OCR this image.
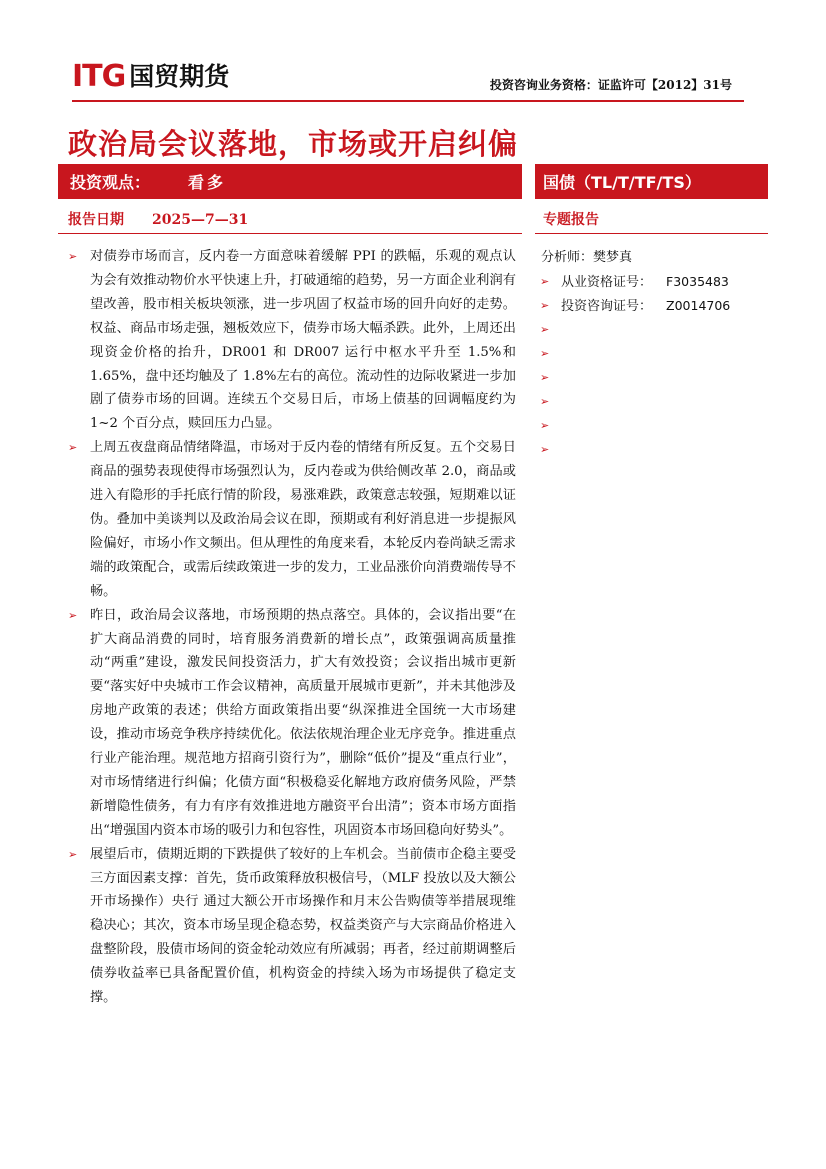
ITG 国贸期货	投资咨询业务资格：证监许可【2012】31号
政治局会议落地，市场或开启纠偏
投资观点： 看多	国债（TL/T/TF/TS）
报告日期 2025—7—31	专题报告
➢ 对债券市场而言，反内卷一方面意味着缓解 PPI 的跌幅，乐观的观点认为会有效推动物价水平快速上升，打破通缩的趋势，另一方面企业利润有望改善，股市相关板块领涨，进一步巩固了权益市场的回升向好的走势。权益、商品市场走强，翘板效应下，债券市场大幅杀跌。此外，上周还出现资金价格的抬升，DR001 和 DR007 运行中枢水平升至 1.5%和 1.65%，盘中还均触及了 1.8%左右的高位。流动性的边际收紧进一步加剧了债券市场的回调。连续五个交易日后，市场上债基的回调幅度约为 1~2 个百分点，赎回压力凸显。
➢ 上周五夜盘商品情绪降温，市场对于反内卷的情绪有所反复。五个交易日商品的强势表现使得市场强烈认为，反内卷或为供给侧改革 2.0，商品或进入有隐形的手托底行情的阶段，易涨难跌，政策意志较强，短期难以证伪。叠加中美谈判以及政治局会议在即，预期或有利好消息进一步提振风险偏好，市场小作文频出。但从理性的角度来看，本轮反内卷尚缺乏需求端的政策配合，或需后续政策进一步的发力，工业品涨价向消费端传导不畅。
➢ 昨日，政治局会议落地，市场预期的热点落空。具体的，会议指出要“在扩大商品消费的同时，培育服务消费新的增长点”，政策强调高质量推动“两重”建设，激发民间投资活力，扩大有效投资；会议指出城市更新要“落实好中央城市工作会议精神，高质量开展城市更新”，并未其他涉及房地产政策的表述；供给方面政策指出要“纵深推进全国统一大市场建设，推动市场竞争秩序持续优化。依法依规治理企业无序竞争。推进重点行业产能治理。规范地方招商引资行为”，删除“低价”提及“重点行业”，对市场情绪进行纠偏；化债方面“积极稳妥化解地方政府债务风险，严禁新增隐性债务，有力有序有效推进地方融资平台出清”；资本市场方面指出“增强国内资本市场的吸引力和包容性，巩固资本市场回稳向好势头”。
➢ 展望后市，债期近期的下跌提供了较好的上车机会。当前债市企稳主要受三方面因素支撑：首先，货币政策释放积极信号，（MLF 投放以及大额公开市场操作）央行 通过大额公开市场操作和月末公告购债等举措展现维稳决心；其次，资本市场呈现企稳态势，权益类资产与大宗商品价格进入盘整阶段，股债市场间的资金轮动效应有所减弱；再者，经过前期调整后债券收益率已具备配置价值，机构资金的持续入场为市场提供了稳定支撑。
分析师：樊梦真
➢ 从业资格证号： F3035483
➢ 投资咨询证号： Z0014706
➢
➢
➢
➢
➢
➢
